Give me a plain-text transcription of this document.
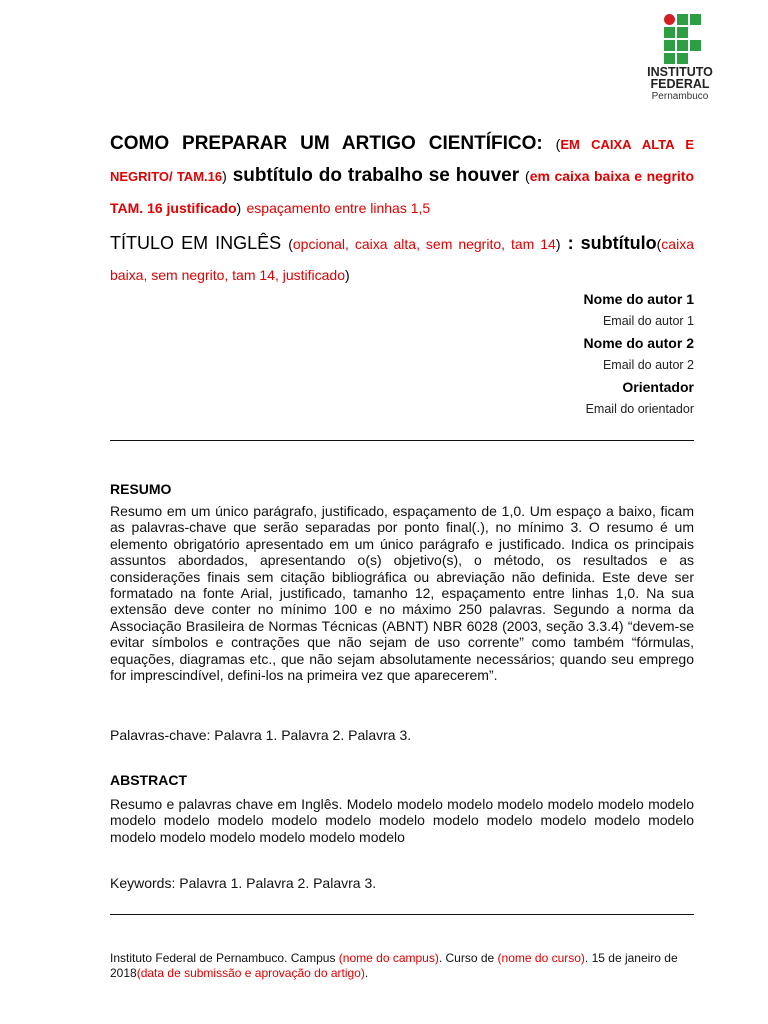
INSTITUTO
FEDERAL
Pernambuco
COMO PREPARAR UM ARTIGO CIENTÍFICO: (EM CAIXA ALTA E NEGRITO/ TAM.16) subtítulo do trabalho se houver (em caixa baixa e negrito TAM. 16 justificado) espaçamento entre linhas 1,5
TÍTULO EM INGLÊS (opcional, caixa alta, sem negrito, tam 14) : subtítulo(caixa baixa, sem negrito, tam 14, justificado)
Nome do autor 1
Email do autor 1
Nome do autor 2
Email do autor 2
Orientador
Email do orientador
RESUMO
Resumo em um único parágrafo, justificado, espaçamento de 1,0. Um espaço a baixo, ficam as palavras-chave que serão separadas por ponto final(.), no mínimo 3. O resumo é um elemento obrigatório apresentado em um único parágrafo e justificado. Indica os principais assuntos abordados, apresentando o(s) objetivo(s), o método, os resultados e as considerações finais sem citação bibliográfica ou abreviação não definida. Este deve ser formatado na fonte Arial, justificado, tamanho 12, espaçamento entre linhas 1,0. Na sua extensão deve conter no mínimo 100 e no máximo 250 palavras. Segundo a norma da Associação Brasileira de Normas Técnicas (ABNT) NBR 6028 (2003, seção 3.3.4) “devem-se evitar símbolos e contrações que não sejam de uso corrente” como também “fórmulas, equações, diagramas etc., que não sejam absolutamente necessários; quando seu emprego for imprescindível, defini-los na primeira vez que aparecerem”.
Palavras-chave: Palavra 1. Palavra 2. Palavra 3.
ABSTRACT
Resumo e palavras chave em Inglês. Modelo modelo modelo modelo modelo modelo modelo modelo modelo modelo modelo modelo modelo modelo modelo modelo modelo modelo modelo modelo modelo modelo modelo modelo
Keywords: Palavra 1. Palavra 2. Palavra 3.
Instituto Federal de Pernambuco. Campus (nome do campus). Curso de (nome do curso). 15 de janeiro de 2018(data de submissão e aprovação do artigo).
